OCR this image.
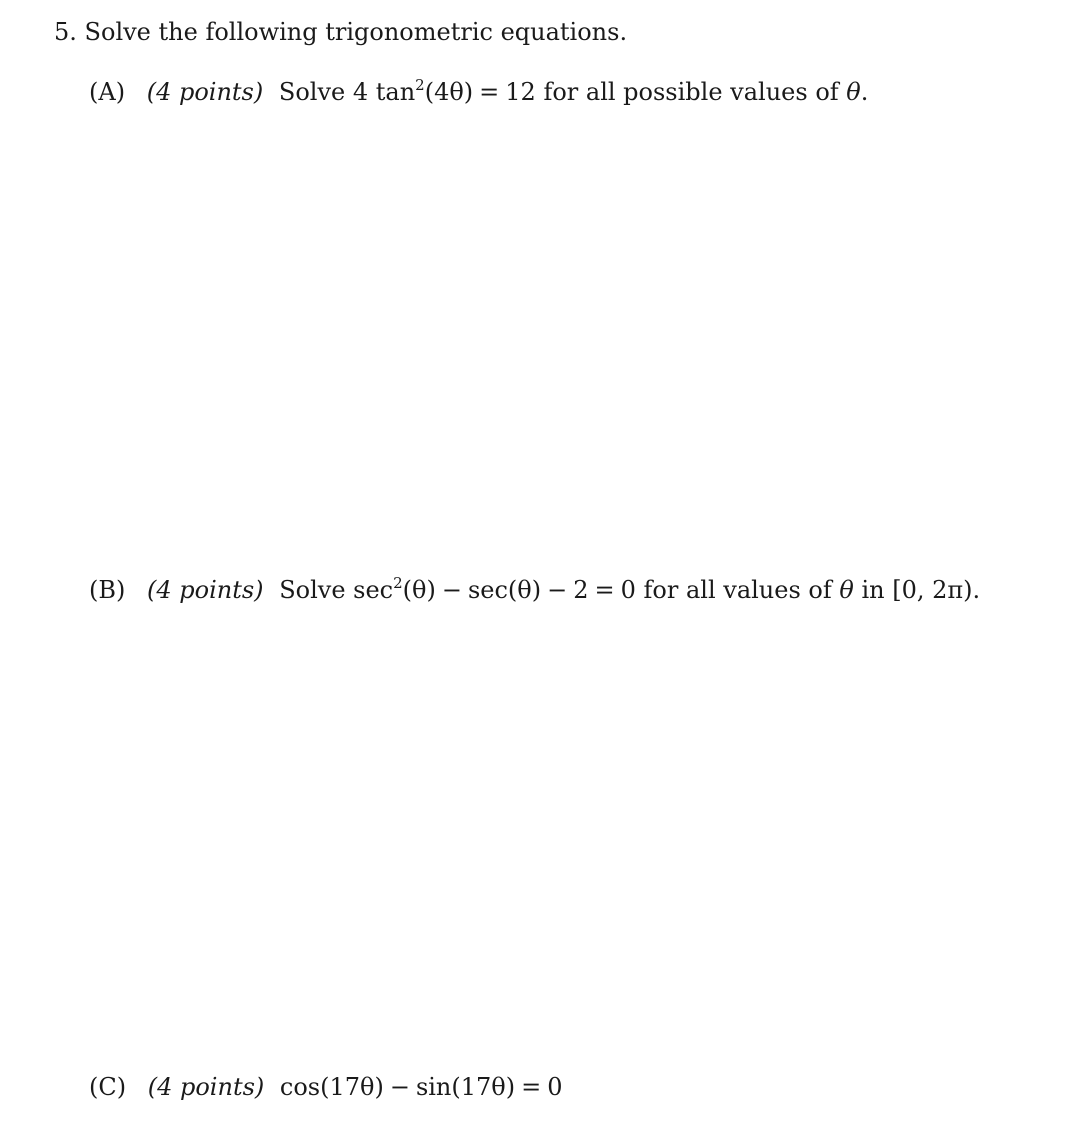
5. Solve the following trigonometric equations.
(A) (4 points) Solve 4 $\tan^2(4\theta) = 12$ for all possible values of θ.
(B) (4 points) Solve $\sec^2(\theta) - \sec(\theta) - 2 = 0$ for all values of θ in [0, 2π).
(C) (4 points) cos(17θ) − sin(17θ) = 0
